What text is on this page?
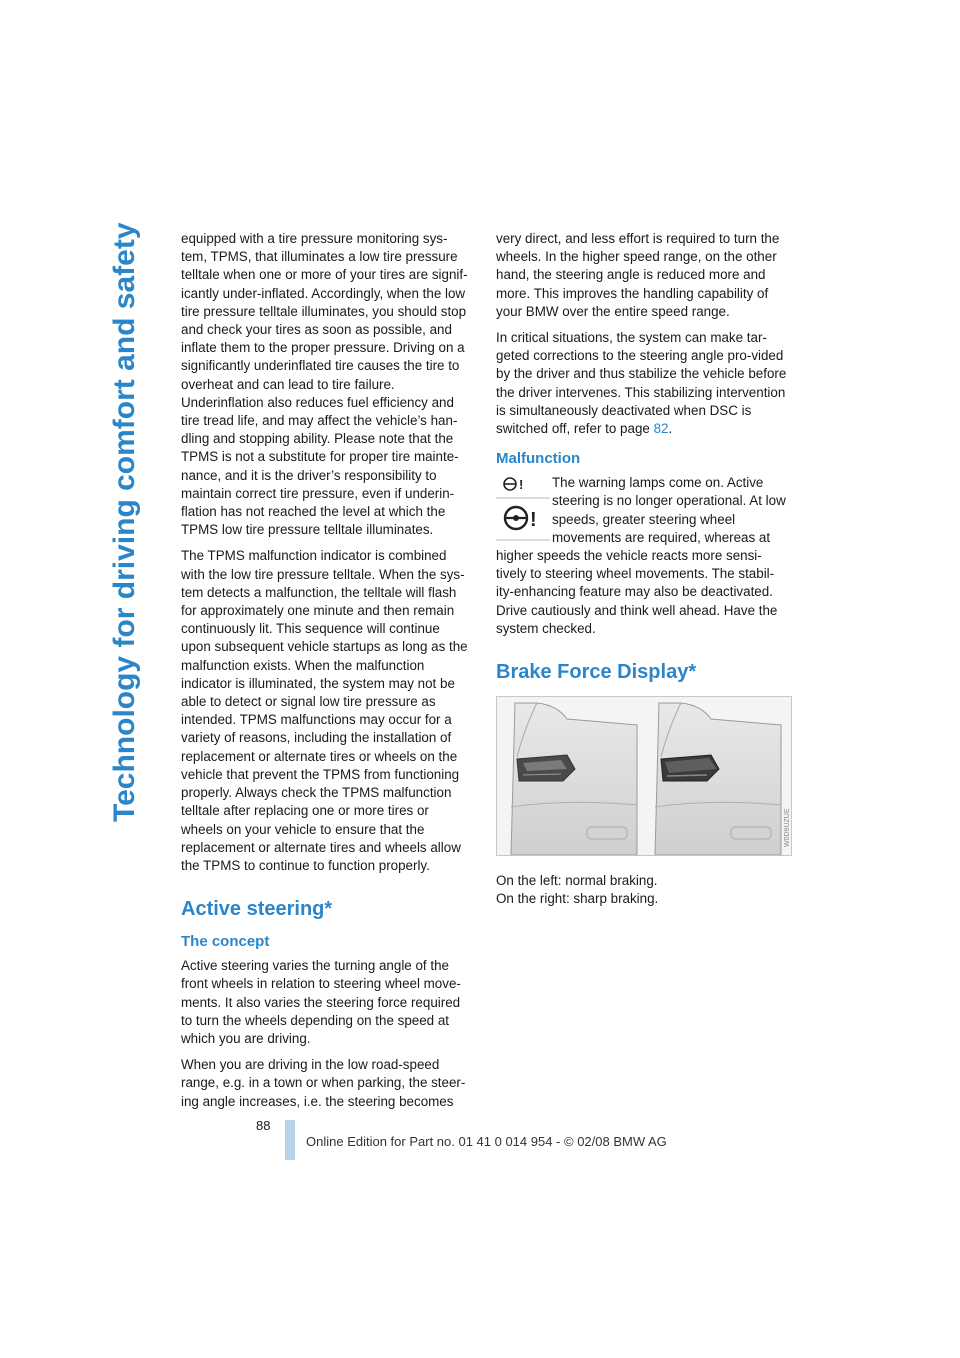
Technology for driving comfort and safety	equipped with a tire pressure monitoring sys-tem, TPMS, that illuminates a low tire pressure telltale when one or more of your tires are signif-icantly under-inflated. Accordingly, when the low tire pressure telltale illuminates, you should stop and check your tires as soon as possible, and inflate them to the proper pressure. Driving on a significantly underinflated tire causes the tire to overheat and can lead to tire failure. Underinflation also reduces fuel efficiency and tire tread life, and may affect the vehicle’s han-dling and stopping ability. Please note that the TPMS is not a substitute for proper tire mainte-nance, and it is the driver’s responsibility to maintain correct tire pressure, even if underin-flation has not reached the level at which the TPMS low tire pressure telltale illuminates.

The TPMS malfunction indicator is combined with the low tire pressure telltale. When the sys-tem detects a malfunction, the telltale will flash for approximately one minute and then remain continuously lit. This sequence will continue upon subsequent vehicle startups as long as the malfunction exists. When the malfunction indicator is illuminated, the system may not be able to detect or signal low tire pressure as intended. TPMS malfunctions may occur for a variety of reasons, including the installation of replacement or alternate tires or wheels on the vehicle that prevent the TPMS from functioning properly. Always check the TPMS malfunction telltale after replacing one or more tires or wheels on your vehicle to ensure that the replacement or alternate tires and wheels allow the TPMS to continue to function properly.

Active steering*
The concept

Active steering varies the turning angle of the front wheels in relation to steering wheel move-ments. It also varies the steering force required to turn the wheels depending on the speed at which you are driving.

When you are driving in the low road-speed range, e.g. in a town or when parking, the steer-ing angle increases, i.e. the steering becomes

very direct, and less effort is required to turn the wheels. In the higher speed range, on the other hand, the steering angle is reduced more and more. This improves the handling capability of your BMW over the entire speed range.

In critical situations, the system can make tar-geted corrections to the steering angle pro-vided by the driver and thus stabilize the vehicle before the driver intervenes. This stabilizing intervention is simultaneously deactivated when DSC is switched off, refer to page 82.

Malfunction
!
!

The warning lamps come on. Active steering is no longer operational. At low speeds, greater steering wheel movements are required, whereas at higher speeds the vehicle reacts more sensi-tively to steering wheel movements. The stabil-ity-enhancing feature may also be deactivated. Drive cautiously and think well ahead. Have the system checked.

Brake Force Display*
W0D9UZUE
On the left: normal braking.
On the right: sharp braking.
88
Online Edition for Part no. 01 41 0 014 954 - © 02/08 BMW AG
